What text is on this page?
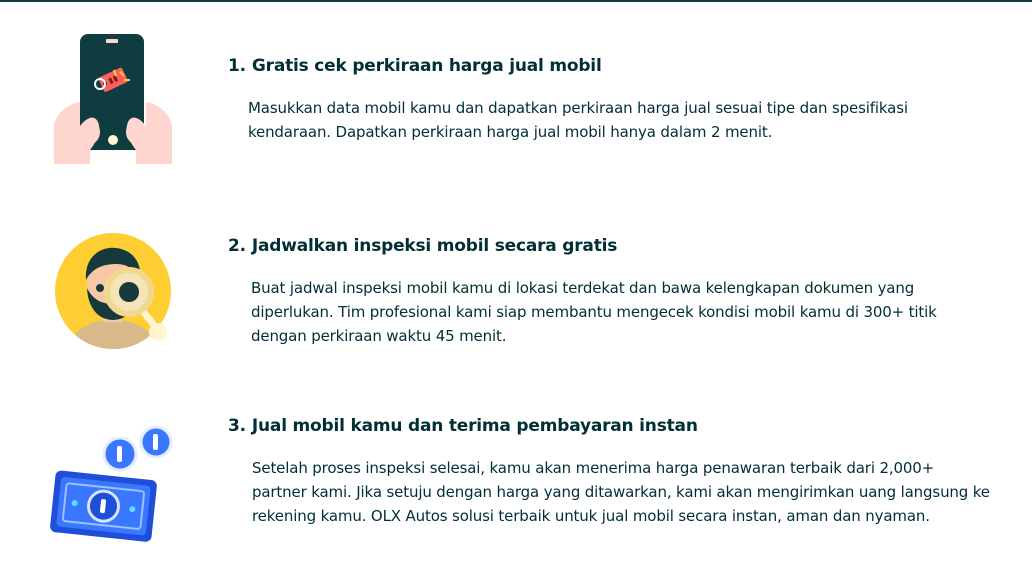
1. Gratis cek perkiraan harga jual mobil

Masukkan data mobil kamu dan dapatkan perkiraan harga jual sesuai tipe dan spesifikasi kendaraan. Dapatkan perkiraan harga jual mobil hanya dalam 2 menit.

2. Jadwalkan inspeksi mobil secara gratis

Buat jadwal inspeksi mobil kamu di lokasi terdekat dan bawa kelengkapan dokumen yang diperlukan. Tim profesional kami siap membantu mengecek kondisi mobil kamu di 300+ titik dengan perkiraan waktu 45 menit.

3. Jual mobil kamu dan terima pembayaran instan

Setelah proses inspeksi selesai, kamu akan menerima harga penawaran terbaik dari 2,000+ partner kami. Jika setuju dengan harga yang ditawarkan, kami akan mengirimkan uang langsung ke rekening kamu. OLX Autos solusi terbaik untuk jual mobil secara instan, aman dan nyaman.
